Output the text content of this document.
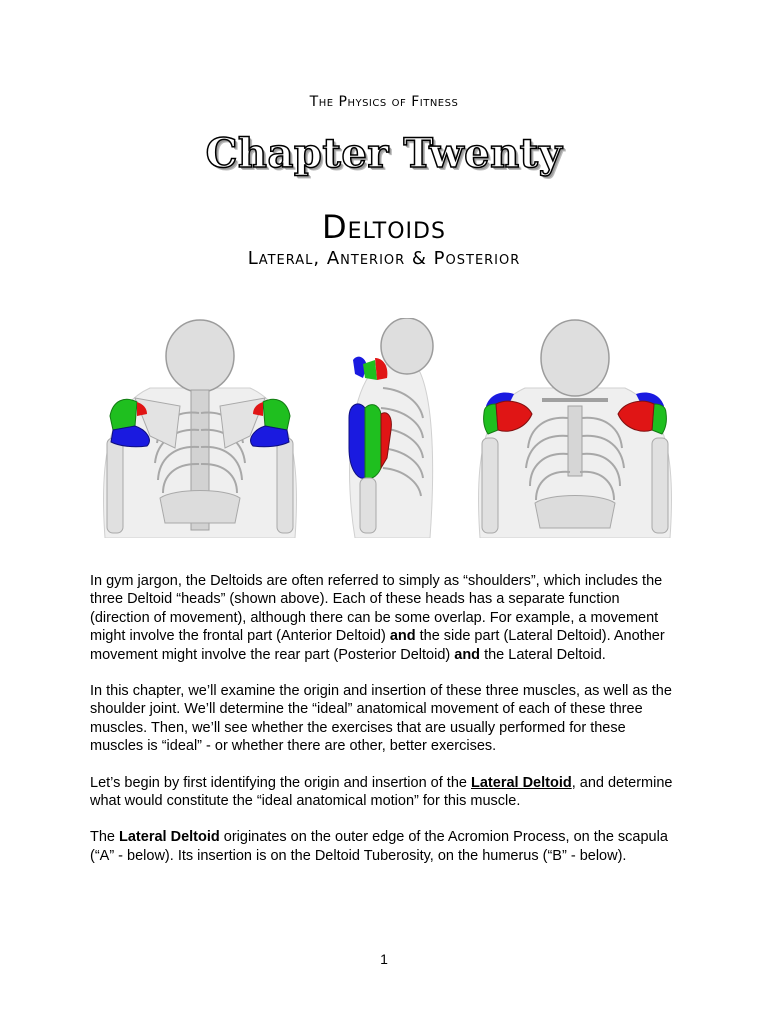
The Physics of Fitness
Chapter Twenty
Deltoids
Lateral, Anterior & Posterior

In gym jargon, the Deltoids are often referred to simply as “shoulders”, which includes the three Deltoid “heads” (shown above). Each of these heads has a separate function (direction of movement), although there can be some overlap. For example, a movement might involve the frontal part (Anterior Deltoid) and the side part (Lateral Deltoid). Another movement might involve the rear part (Posterior Deltoid) and the Lateral Deltoid.

In this chapter, we’ll examine the origin and insertion of these three muscles, as well as the shoulder joint. We’ll determine the “ideal” anatomical movement of each of these three muscles. Then, we’ll see whether the exercises that are usually performed for these muscles is “ideal” - or whether there are other, better exercises.

Let’s begin by first identifying the origin and insertion of the Lateral Deltoid, and determine what would constitute the “ideal anatomical motion” for this muscle.

The Lateral Deltoid originates on the outer edge of the Acromion Process, on the scapula (“A” - below). Its insertion is on the Deltoid Tuberosity, on the humerus (“B” - below).

1
